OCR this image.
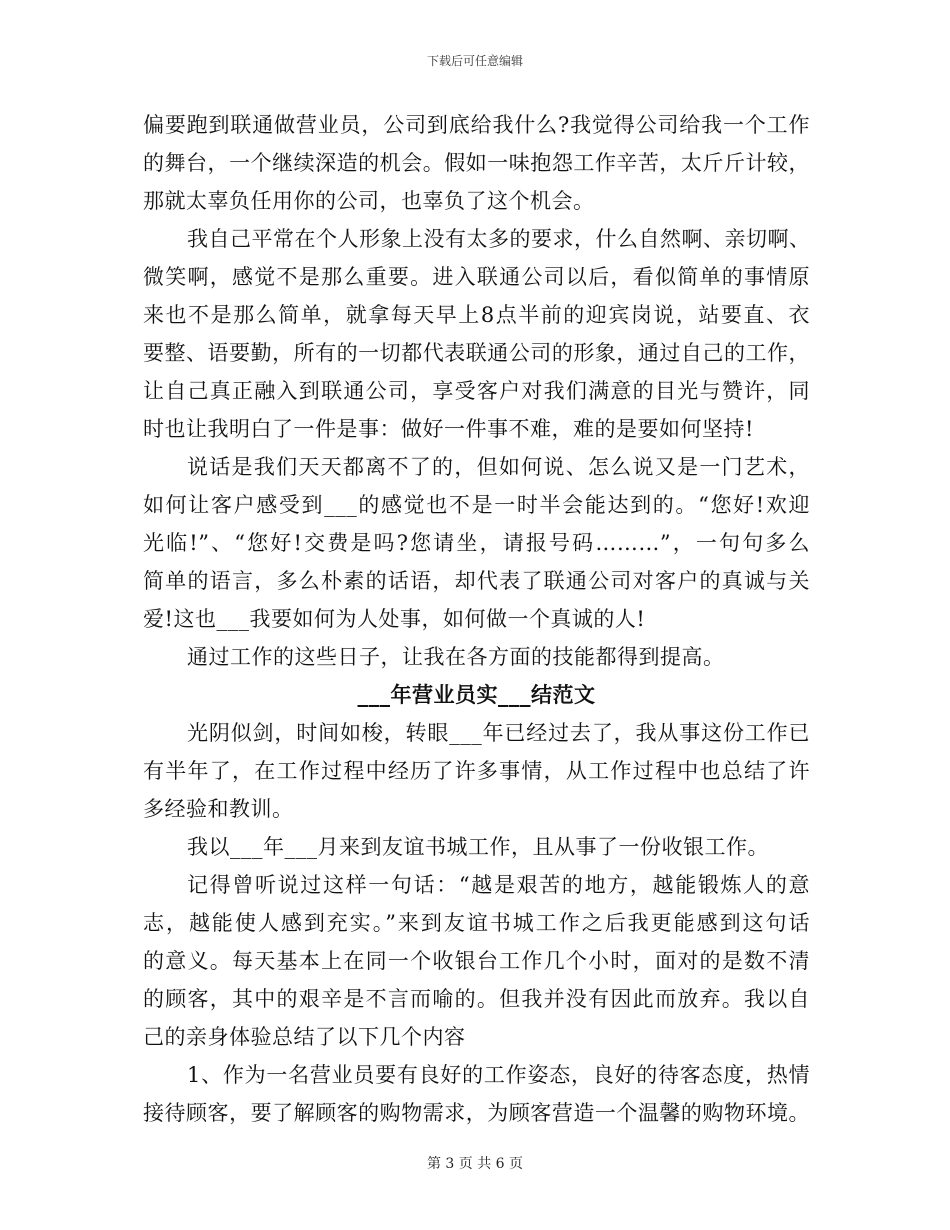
下载后可任意编辑
偏要跑到联通做营业员，公司到底给我什么?我觉得公司给我一个工作
的舞台，一个继续深造的机会。假如一味抱怨工作辛苦，太斤斤计较，
那就太辜负任用你的公司，也辜负了这个机会。
我自己平常在个人形象上没有太多的要求，什么自然啊、亲切啊、
微笑啊，感觉不是那么重要。进入联通公司以后，看似简单的事情原
来也不是那么简单，就拿每天早上8点半前的迎宾岗说，站要直、衣
要整、语要勤，所有的一切都代表联通公司的形象，通过自己的工作，
让自己真正融入到联通公司，享受客户对我们满意的目光与赞许，同
时也让我明白了一件是事：做好一件事不难，难的是要如何坚持!
说话是我们天天都离不了的，但如何说、怎么说又是一门艺术，
如何让客户感受到___的感觉也不是一时半会能达到的。“您好!欢迎
光临!”、“您好!交费是吗?您请坐，请报号码………”，一句句多么
简单的语言，多么朴素的话语，却代表了联通公司对客户的真诚与关
爱!这也___我要如何为人处事，如何做一个真诚的人!
通过工作的这些日子，让我在各方面的技能都得到提高。
___年营业员实___结范文
光阴似剑，时间如梭，转眼___年已经过去了，我从事这份工作已
有半年了，在工作过程中经历了许多事情，从工作过程中也总结了许
多经验和教训。
我以___年___月来到友谊书城工作，且从事了一份收银工作。
记得曾听说过这样一句话：“越是艰苦的地方，越能锻炼人的意
志，越能使人感到充实。”来到友谊书城工作之后我更能感到这句话
的意义。每天基本上在同一个收银台工作几个小时，面对的是数不清
的顾客，其中的艰辛是不言而喻的。但我并没有因此而放弃。我以自
己的亲身体验总结了以下几个内容
1、作为一名营业员要有良好的工作姿态，良好的待客态度，热情
接待顾客，要了解顾客的购物需求，为顾客营造一个温馨的购物环境。
第 3 页 共 6 页
